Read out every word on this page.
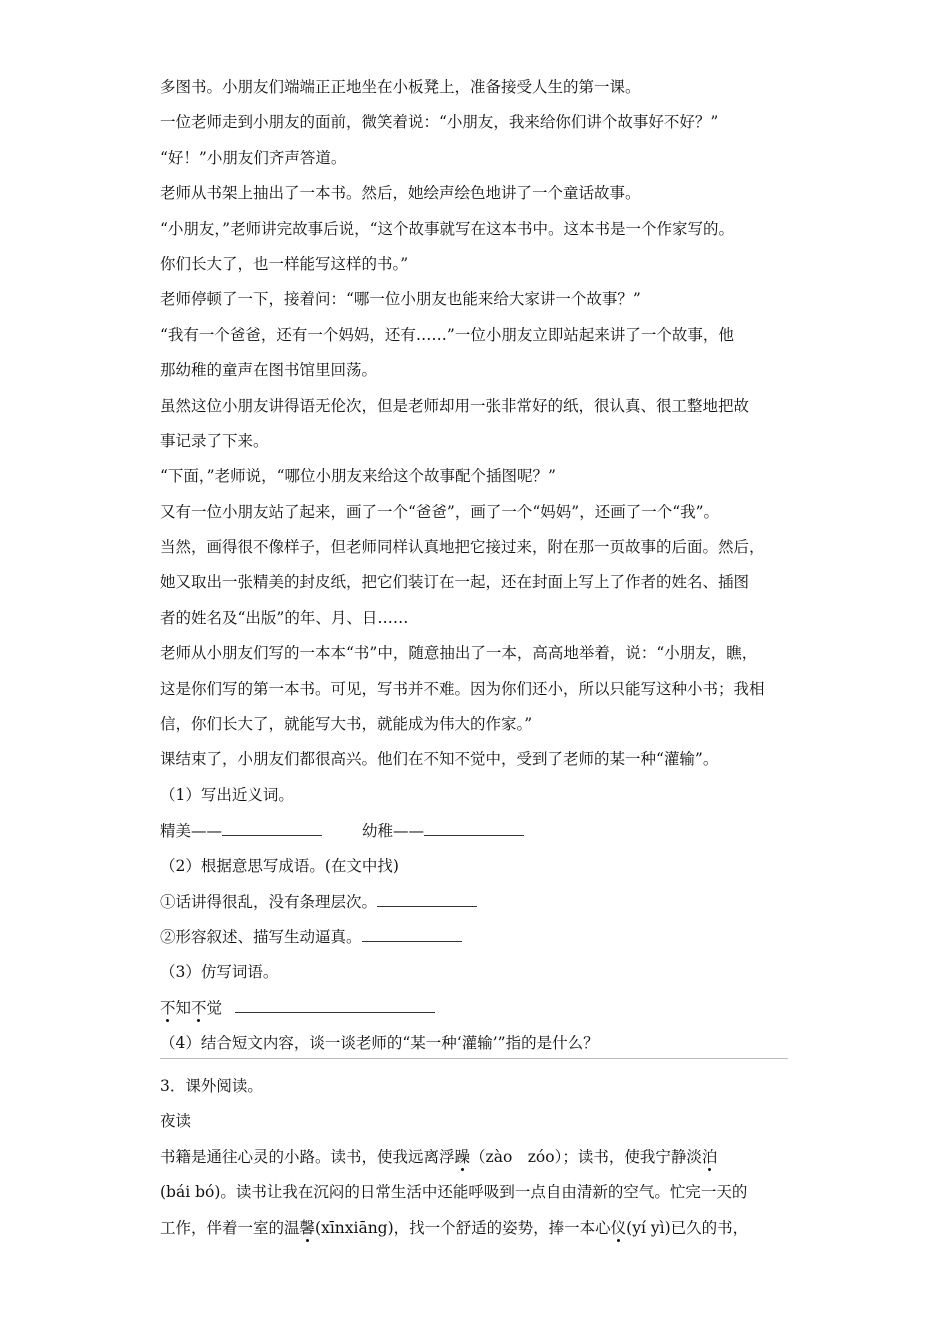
多图书。小朋友们端端正正地坐在小板凳上，准备接受人生的第一课。
一位老师走到小朋友的面前，微笑着说：“小朋友，我来给你们讲个故事好不好？”
“好！”小朋友们齐声答道。
老师从书架上抽出了一本书。然后，她绘声绘色地讲了一个童话故事。
“小朋友，”老师讲完故事后说，“这个故事就写在这本书中。这本书是一个作家写的。
你们长大了，也一样能写这样的书。”
老师停顿了一下，接着问：“哪一位小朋友也能来给大家讲一个故事？”
“我有一个爸爸，还有一个妈妈，还有……”一位小朋友立即站起来讲了一个故事，他
那幼稚的童声在图书馆里回荡。
虽然这位小朋友讲得语无伦次，但是老师却用一张非常好的纸，很认真、很工整地把故
事记录了下来。
“下面，”老师说，“哪位小朋友来给这个故事配个插图呢？”
又有一位小朋友站了起来，画了一个“爸爸”，画了一个“妈妈”，还画了一个“我”。
当然，画得很不像样子，但老师同样认真地把它接过来，附在那一页故事的后面。然后，
她又取出一张精美的封皮纸，把它们装订在一起，还在封面上写上了作者的姓名、插图
者的姓名及“出版”的年、月、日……
老师从小朋友们写的一本本“书”中，随意抽出了一本，高高地举着，说：“小朋友，瞧，
这是你们写的第一本书。可见，写书并不难。因为你们还小，所以只能写这种小书；我相
信，你们长大了，就能写大书，就能成为伟大的作家。”
课结束了，小朋友们都很高兴。他们在不知不觉中，受到了老师的某一种“灌输”。
（1）写出近义词。
精美——	幼稚——
（2）根据意思写成语。(在文中找)
①话讲得很乱，没有条理层次。
②形容叙述、描写生动逼真。
（3）仿写词语。
不知不觉
（4）结合短文内容，谈一谈老师的“某一种‘灌输’”指的是什么？
3．课外阅读。
夜读
书籍是通往心灵的小路。读书，使我远离浮躁（zào　zóo）；读书，使我宁静淡泊
(bái bó)。读书让我在沉闷的日常生活中还能呼吸到一点自由清新的空气。忙完一天的
工作，伴着一室的温馨(xīnxiāng)，找一个舒适的姿势，捧一本心仪(yí yì)已久的书，
